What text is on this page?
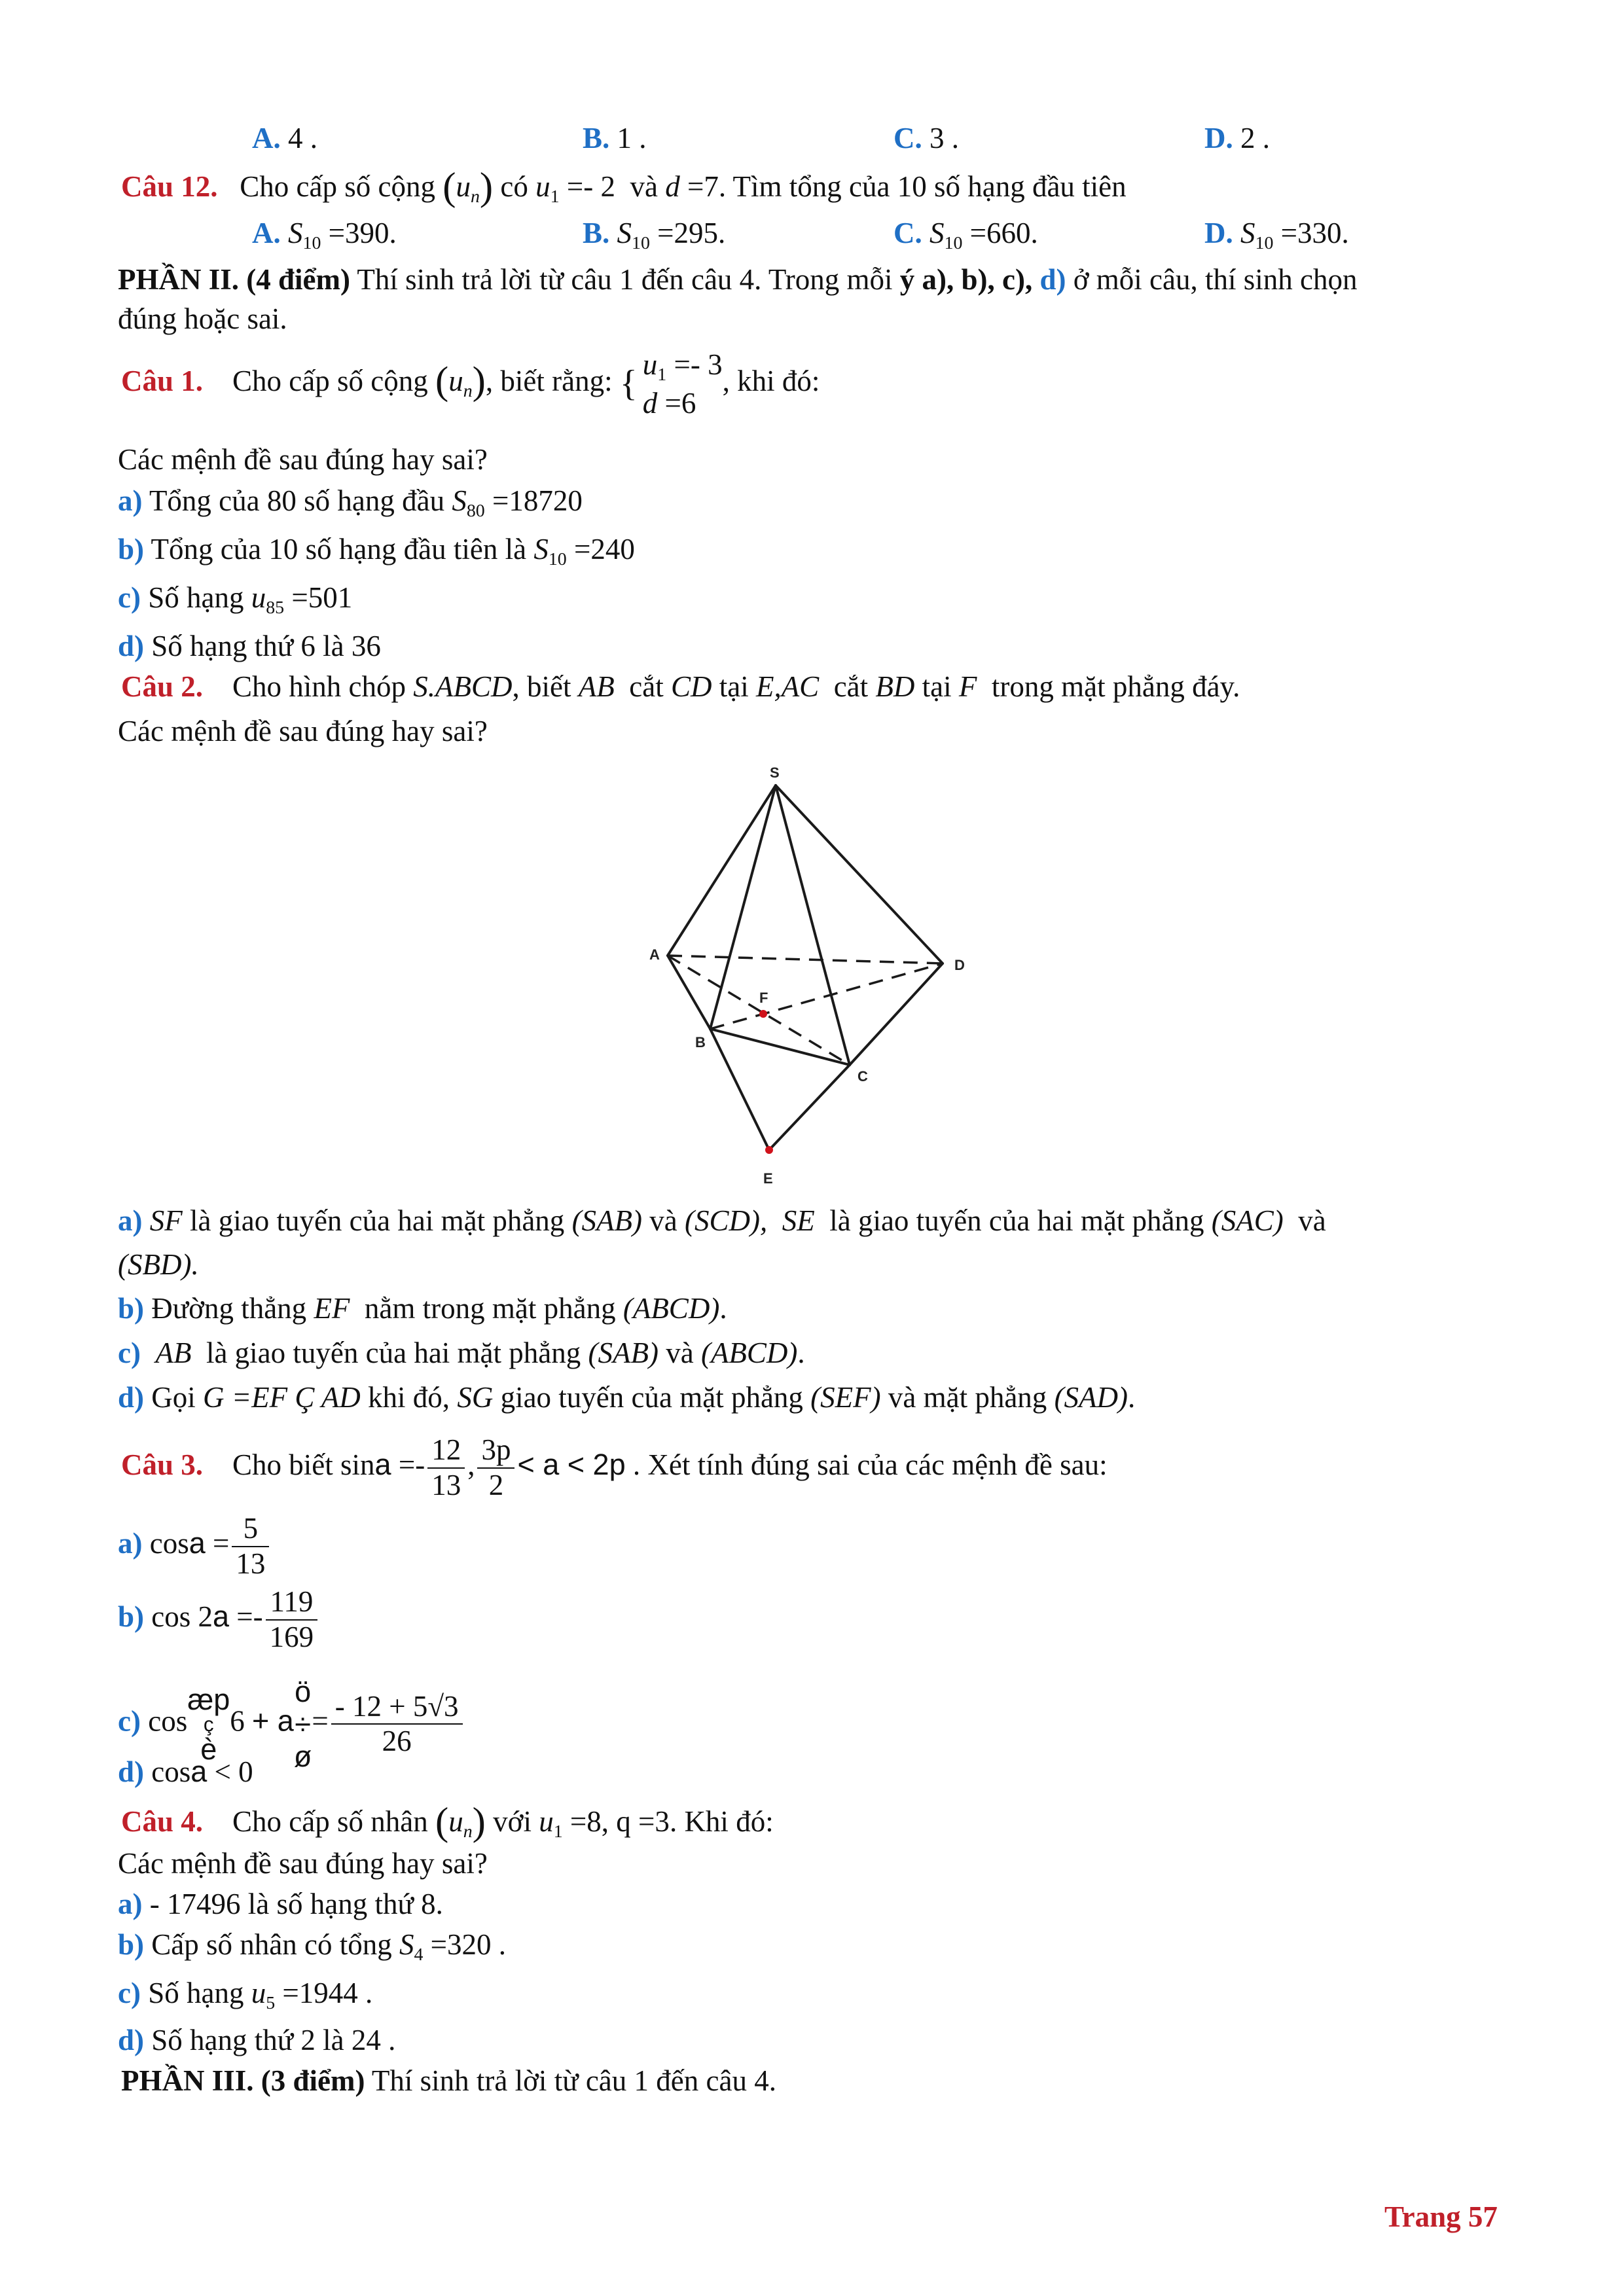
A. 4 .	B. 1 .	C. 3 .	D. 2 .
Câu 12. Cho cấp số cộng $(u_n)$ có $u_1 =- 2$ và d =7. Tìm tổng của 10 số hạng đầu tiên
A. $S_{10} =390$.	B. $S_{10} =295$.	C. $S_{10} =660$.	D. $S_{10} =330$.
PHẦN II. (4 điểm) Thí sinh trả lời từ câu 1 đến câu 4. Trong mỗi ý a), b), c), d) ở mỗi câu, thí sinh chọn
đúng hoặc sai.
Câu 1. Cho cấp số cộng $(u_n)$, biết rằng: { $u_1 =- 3$
d =6
, khi đó:
Các mệnh đề sau đúng hay sai?
a) Tổng của 80 số hạng đầu $S_{80} =18720$
b) Tổng của 10 số hạng đầu tiên là $S_{10} =240$
c) Số hạng $u_{85} =501$
d) Số hạng thứ 6 là 36
Câu 2. Cho hình chóp S.ABCD, biết AB cắt CD tại E,AC cắt BD tại F trong mặt phẳng đáy.
Các mệnh đề sau đúng hay sai?
S
A
B
C
D
E
F
a) SF là giao tuyến của hai mặt phẳng (SAB) và (SCD), SE là giao tuyến của hai mặt phẳng (SAC) và
(SBD).
b) Đường thẳng EF nằm trong mặt phẳng (ABCD).
c) AB là giao tuyến của hai mặt phẳng (SAB) và (ABCD).
d) Gọi G =EF Ç AD khi đó, SG giao tuyến của mặt phẳng (SEF) và mặt phẳng (SAD).
Câu 3. Cho biết $\sin a =- \frac{12}{13}$ , $\frac{3p}{2} < a < 2p$ . Xét tính đúng sai của các mệnh đề sau:
a) $\cos a = \frac{5}{13}$
b) $\cos 2a =- \frac{119}{169}$
c) cos
æp
ç
è
6 + a
ö
÷
ø
= $\frac{- 12 + 5√3}{26}$
d) cosa < 0
Câu 4. Cho cấp số nhân $(u_n)$ với $u_1 =8$, q =3. Khi đó:
Các mệnh đề sau đúng hay sai?
a) - 17496 là số hạng thứ 8.
b) Cấp số nhân có tổng $S_4 =320$ .
c) Số hạng $u_5 =1944$ .
d) Số hạng thứ 2 là 24 .
PHẦN III. (3 điểm) Thí sinh trả lời từ câu 1 đến câu 4.
Trang 57
